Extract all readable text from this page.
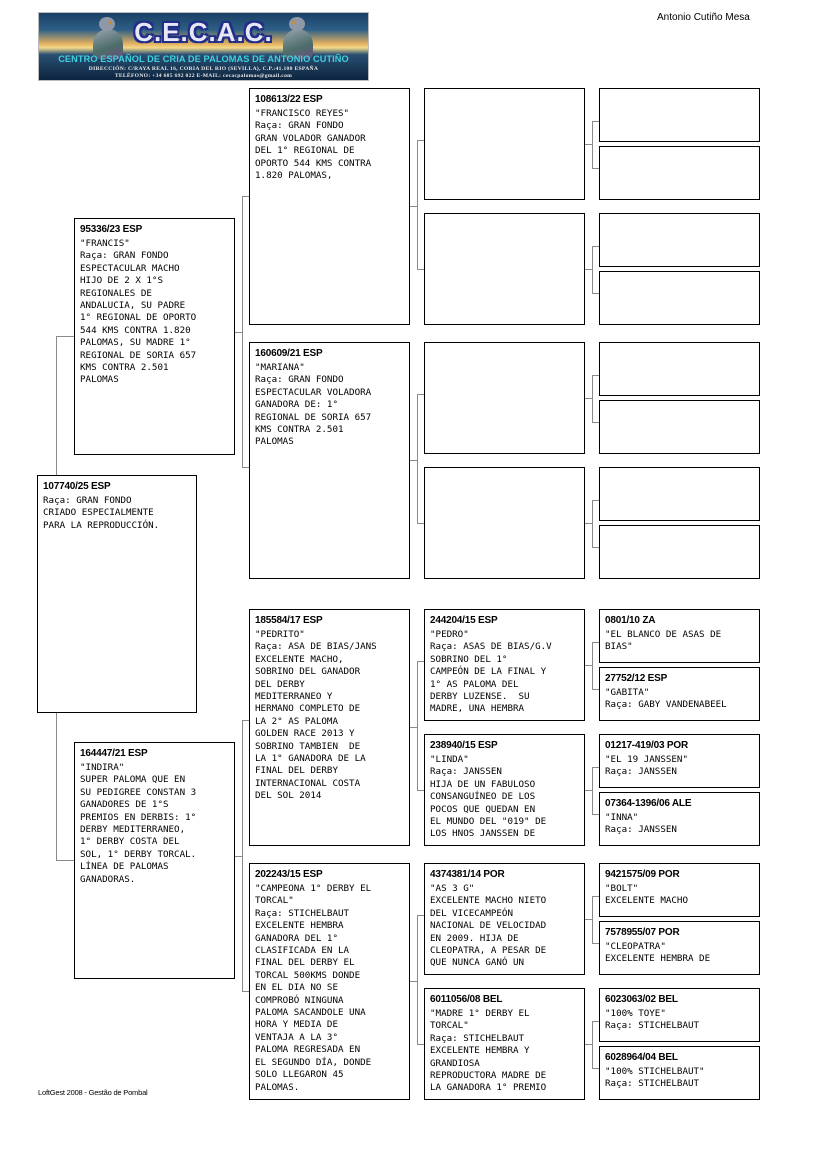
C.E.C.A.C.
CENTRO ESPAÑOL DE CRIA DE PALOMAS DE ANTONIO CUTIÑO
DIRECCIÓN: C/RAYA REAL 16, CORIA DEL RIO (SEVILLA), C.P.:41.100 ESPAÑA
TELÉFONO: +34 685 692 022 E-MAIL: cecacpalomas@gmail.com
Antonio Cutiño Mesa
107740/25 ESP
Raça: GRAN FONDO
CRIADO ESPECIALMENTE
PARA LA REPRODUCCIÓN.
95336/23 ESP
"FRANCIS"
Raça: GRAN FONDO
ESPECTACULAR MACHO
HIJO DE 2 X 1°S
REGIONALES DE
ANDALUCIA, SU PADRE
1° REGIONAL DE OPORTO
544 KMS CONTRA 1.820
PALOMAS, SU MADRE 1°
REGIONAL DE SORIA 657
KMS CONTRA 2.501
PALOMAS
164447/21 ESP
"INDIRA"
SUPER PALOMA QUE EN
SU PEDIGREE CONSTAN 3
GANADORES DE 1°S
PREMIOS EN DERBIS: 1°
DERBY MEDITERRANEO,
1° DERBY COSTA DEL
SOL, 1° DERBY TORCAL.
LÍNEA DE PALOMAS
GANADORAS.
108613/22 ESP
"FRANCISCO REYES"
Raça: GRAN FONDO
GRAN VOLADOR GANADOR
DEL 1° REGIONAL DE
OPORTO 544 KMS CONTRA
1.820 PALOMAS,
160609/21 ESP
"MARIANA"
Raça: GRAN FONDO
ESPECTACULAR VOLADORA
GANADORA DE: 1°
REGIONAL DE SORIA 657
KMS CONTRA 2.501
PALOMAS
185584/17 ESP
"PEDRITO"
Raça: ASA DE BIAS/JANS
EXCELENTE MACHO,
SOBRINO DEL GANADOR
DEL DERBY
MEDITERRANEO Y
HERMANO COMPLETO DE
LA 2° AS PALOMA
GOLDEN RACE 2013 Y
SOBRINO TAMBIEN  DE
LA 1° GANADORA DE LA
FINAL DEL DERBY
INTERNACIONAL COSTA
DEL SOL 2014
202243/15 ESP
"CAMPEONA 1° DERBY EL
TORCAL"
Raça: STICHELBAUT
EXCELENTE HEMBRA
GANADORA DEL 1°
CLASIFICADA EN LA
FINAL DEL DERBY EL
TORCAL 500KMS DONDE
EN EL DIA NO SE
COMPROBÓ NINGUNA
PALOMA SACANDOLE UNA
HORA Y MEDIA DE
VENTAJA A LA 3°
PALOMA REGRESADA EN
EL SEGUNDO DÍA, DONDE
SOLO LLEGARON 45
PALOMAS.
244204/15 ESP
"PEDRO"
Raça: ASAS DE BIAS/G.V
SOBRINO DEL 1°
CAMPEÓN DE LA FINAL Y
1° AS PALOMA DEL
DERBY LUZENSE.  SU
MADRE, UNA HEMBRA
238940/15 ESP
"LINDA"
Raça: JANSSEN
HIJA DE UN FABULOSO
CONSANGUÍNEO DE LOS
POCOS QUE QUEDAN EN
EL MUNDO DEL "019" DE
LOS HNOS JANSSEN DE
4374381/14 POR
"AS 3 G"
EXCELENTE MACHO NIETO
DEL VICECAMPEÓN
NACIONAL DE VELOCIDAD
EN 2009. HIJA DE
CLEOPATRA, A PESAR DE
QUE NUNCA GANÓ UN
6011056/08 BEL
"MADRE 1° DERBY EL
TORCAL"
Raça: STICHELBAUT
EXCELENTE HEMBRA Y
GRANDIOSA
REPRODUCTORA MADRE DE
LA GANADORA 1° PREMIO
0801/10 ZA
"EL BLANCO DE ASAS DE
BIAS"
27752/12 ESP
"GABITA"
Raça: GABY VANDENABEEL
01217-419/03 POR
"EL 19 JANSSEN"
Raça: JANSSEN
07364-1396/06 ALE
"INNA"
Raça: JANSSEN
9421575/09 POR
"BOLT"
EXCELENTE MACHO
7578955/07 POR
"CLEOPATRA"
EXCELENTE HEMBRA DE
6023063/02 BEL
"100% TOYE"
Raça: STICHELBAUT
6028964/04 BEL
"100% STICHELBAUT"
Raça: STICHELBAUT
LoftGest 2008 - Gestão de Pombal
